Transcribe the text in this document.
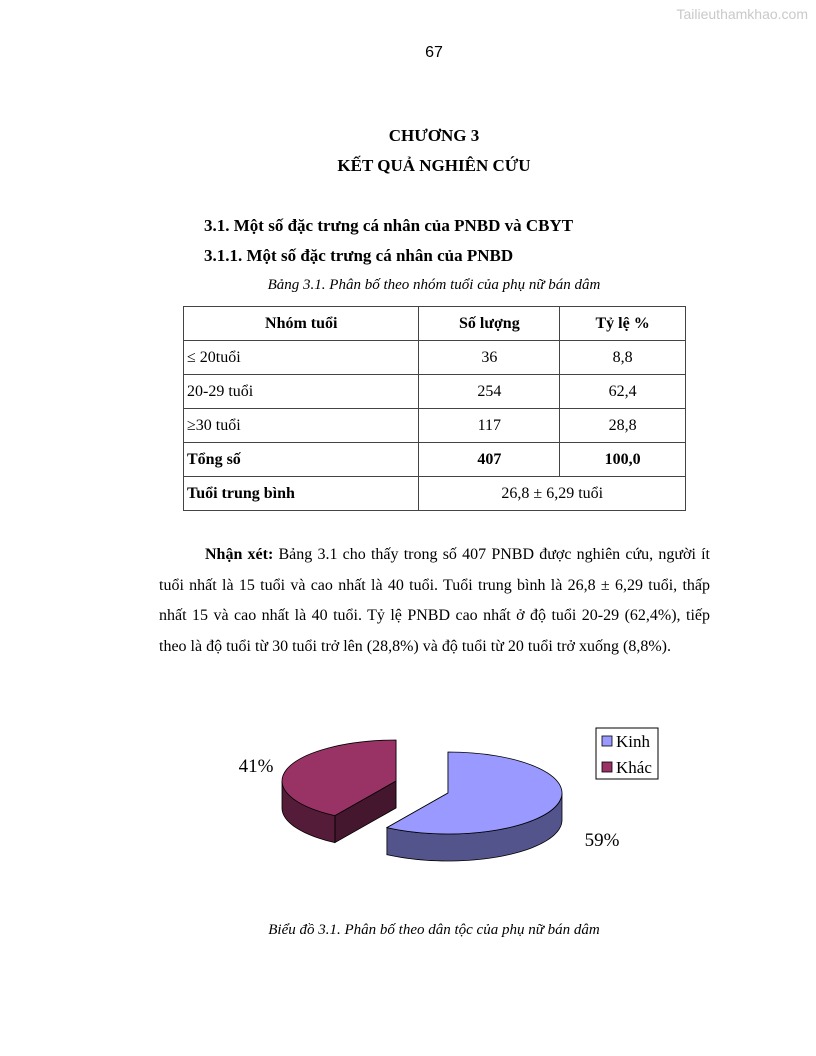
Tailieuthamkhao.com
67
CHƯƠNG 3
KẾT QUẢ NGHIÊN CỨU
3.1. Một số đặc trưng cá nhân của PNBD và CBYT
3.1.1. Một số đặc trưng cá nhân của PNBD
Bảng 3.1. Phân bố theo nhóm tuổi của phụ nữ bán dâm
Nhóm tuổi	Số lượng	Tỷ lệ %
≤ 20tuổi	36	8,8
20-29 tuổi	254	62,4
≥30 tuổi	117	28,8
Tổng số	407	100,0
Tuổi trung bình	26,8 ± 6,29 tuổi	

Nhận xét: Bảng 3.1 cho thấy trong số 407 PNBD được nghiên cứu, người ít tuổi nhất là 15 tuổi và cao nhất là 40 tuổi. Tuổi trung bình là 26,8 ± 6,29 tuổi, thấp nhất 15 và cao nhất là 40 tuổi. Tỷ lệ PNBD cao nhất ở độ tuổi 20-29 (62,4%), tiếp theo là độ tuổi từ 30 tuổi trở lên (28,8%) và độ tuổi từ 20 tuổi trở xuống (8,8%).

59%
41%
Kinh
Khác
Biểu đồ 3.1. Phân bố theo dân tộc của phụ nữ bán dâm
